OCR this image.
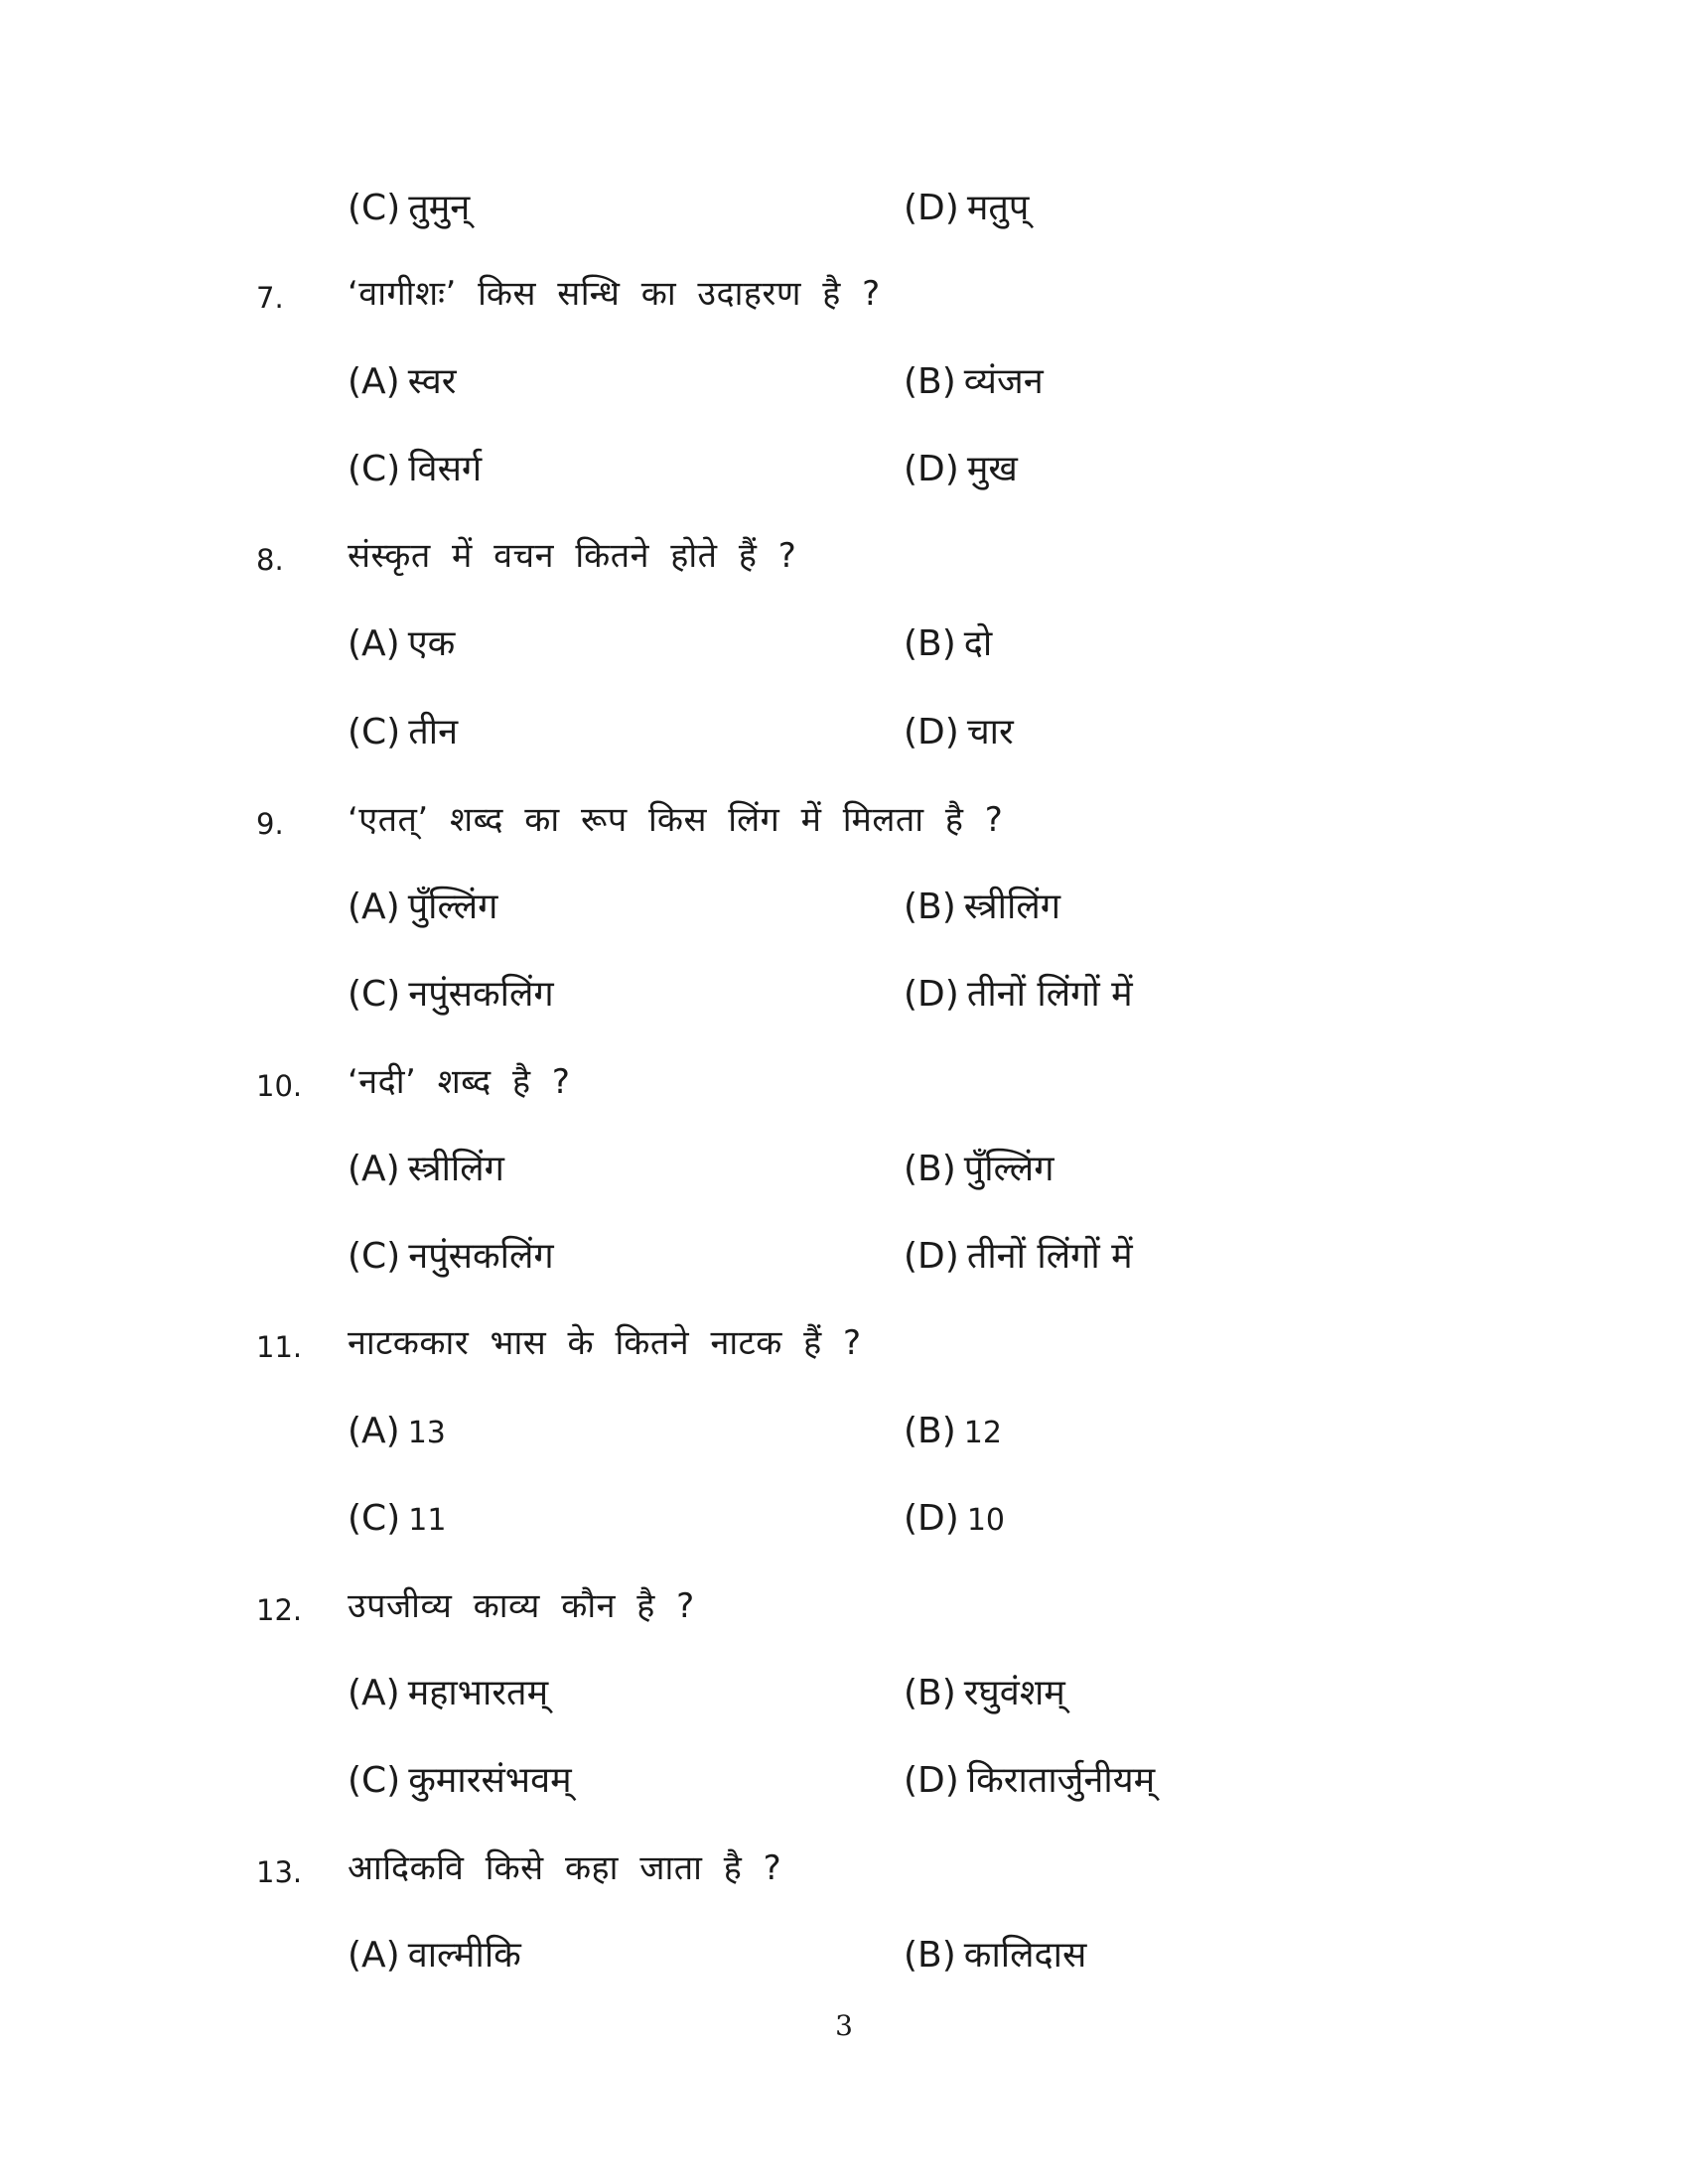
(C) तुमुन्	(D) मतुप्
7. ‘वागीशः’ किस सन्धि का उदाहरण है ?
(A) स्वर	(B) व्यंजन
(C) विसर्ग	(D) मुख
8. संस्कृत में वचन कितने होते हैं ?
(A) एक	(B) दो
(C) तीन	(D) चार
9. ‘एतत्’ शब्द का रूप किस लिंग में मिलता है ?
(A) पुँल्लिंग	(B) स्त्रीलिंग
(C) नपुंसकलिंग	(D) तीनों लिंगों में
10. ‘नदी’ शब्द है ?
(A) स्त्रीलिंग	(B) पुँल्लिंग
(C) नपुंसकलिंग	(D) तीनों लिंगों में
11. नाटककार भास के कितने नाटक हैं ?
(A) 13	(B) 12
(C) 11	(D) 10
12. उपजीव्य काव्य कौन है ?
(A) महाभारतम्	(B) रघुवंशम्
(C) कुमारसंभवम्	(D) किरातार्जुनीयम्
13. आदिकवि किसे कहा जाता है ?
(A) वाल्मीकि	(B) कालिदास
3
